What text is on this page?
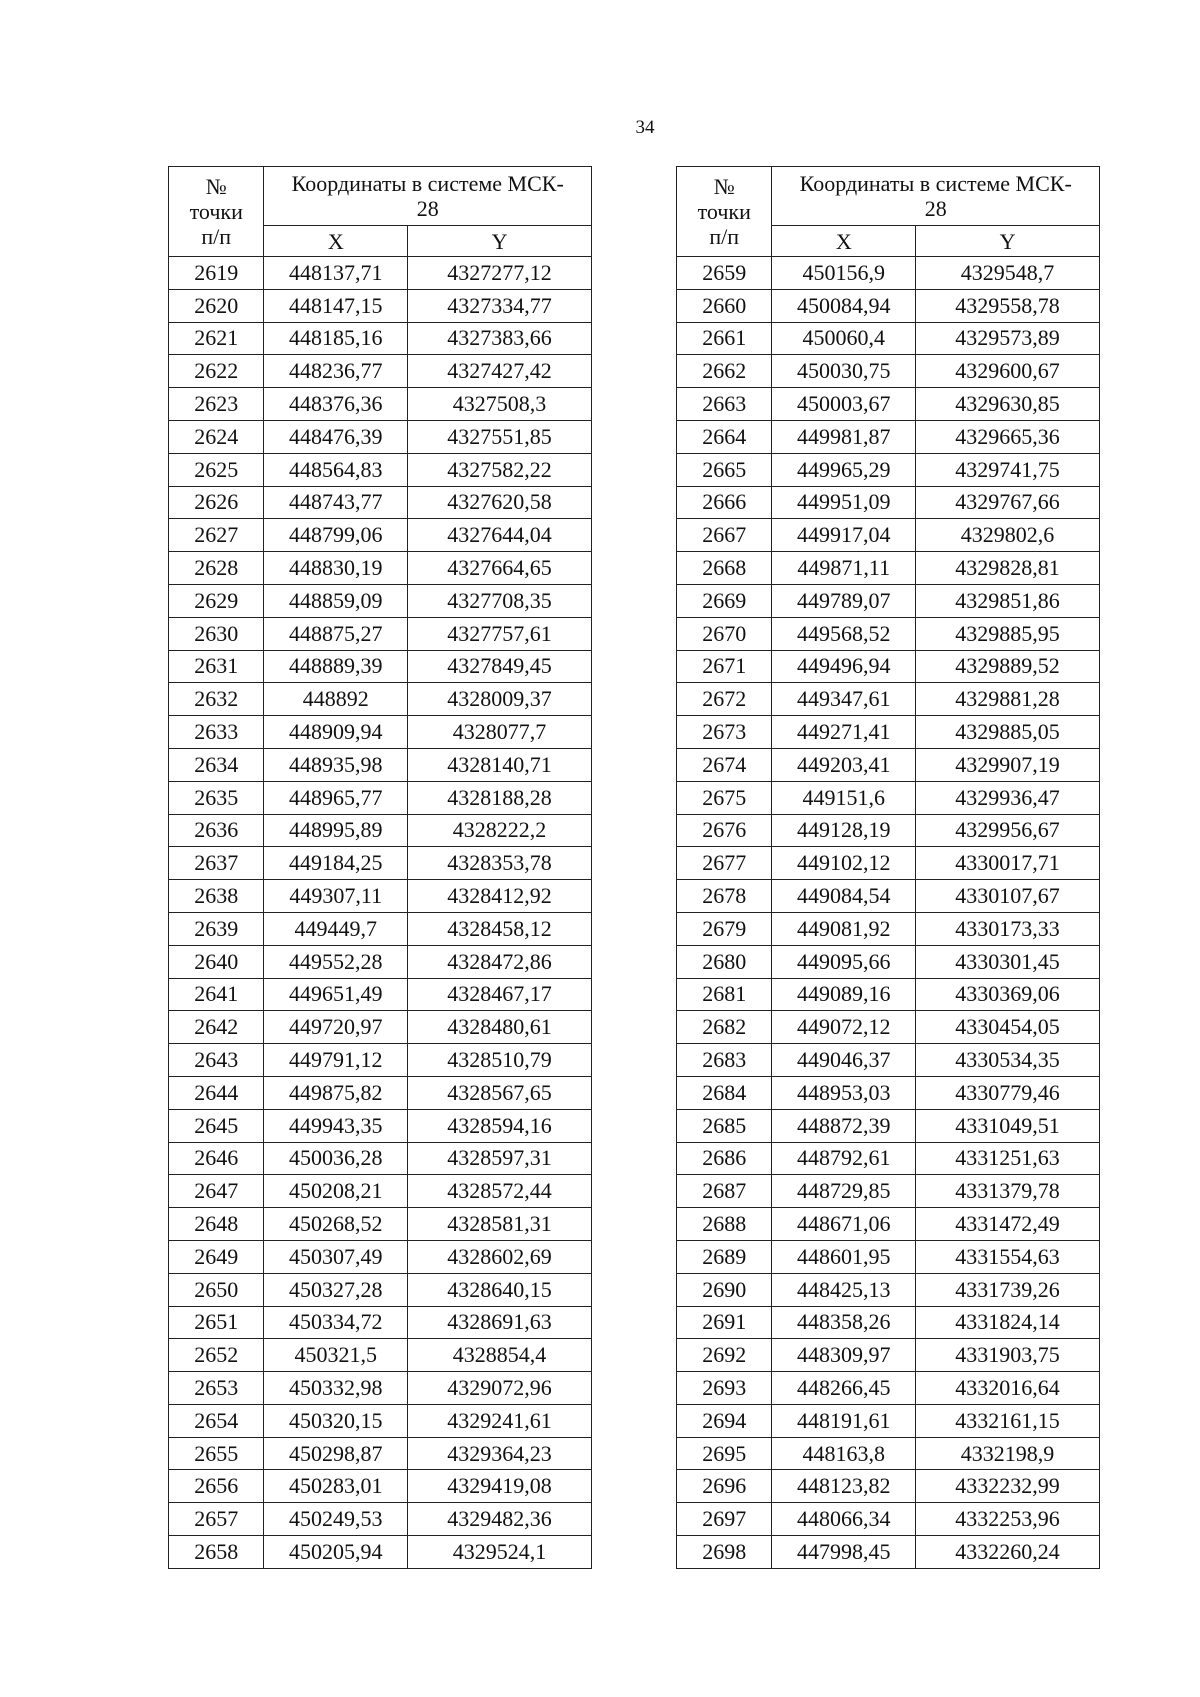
34
№
точки
п/п	Координаты в системе МСК-
28	

	X	Y
2619	448137,71	4327277,12
2620	448147,15	4327334,77
2621	448185,16	4327383,66
2622	448236,77	4327427,42
2623	448376,36	4327508,3
2624	448476,39	4327551,85
2625	448564,83	4327582,22
2626	448743,77	4327620,58
2627	448799,06	4327644,04
2628	448830,19	4327664,65
2629	448859,09	4327708,35
2630	448875,27	4327757,61
2631	448889,39	4327849,45
2632	448892	4328009,37
2633	448909,94	4328077,7
2634	448935,98	4328140,71
2635	448965,77	4328188,28
2636	448995,89	4328222,2
2637	449184,25	4328353,78
2638	449307,11	4328412,92
2639	449449,7	4328458,12
2640	449552,28	4328472,86
2641	449651,49	4328467,17
2642	449720,97	4328480,61
2643	449791,12	4328510,79
2644	449875,82	4328567,65
2645	449943,35	4328594,16
2646	450036,28	4328597,31
2647	450208,21	4328572,44
2648	450268,52	4328581,31
2649	450307,49	4328602,69
2650	450327,28	4328640,15
2651	450334,72	4328691,63
2652	450321,5	4328854,4
2653	450332,98	4329072,96
2654	450320,15	4329241,61
2655	450298,87	4329364,23
2656	450283,01	4329419,08
2657	450249,53	4329482,36
2658	450205,94	4329524,1
№
точки
п/п	Координаты в системе МСК-
28	

	X	Y
2659	450156,9	4329548,7
2660	450084,94	4329558,78
2661	450060,4	4329573,89
2662	450030,75	4329600,67
2663	450003,67	4329630,85
2664	449981,87	4329665,36
2665	449965,29	4329741,75
2666	449951,09	4329767,66
2667	449917,04	4329802,6
2668	449871,11	4329828,81
2669	449789,07	4329851,86
2670	449568,52	4329885,95
2671	449496,94	4329889,52
2672	449347,61	4329881,28
2673	449271,41	4329885,05
2674	449203,41	4329907,19
2675	449151,6	4329936,47
2676	449128,19	4329956,67
2677	449102,12	4330017,71
2678	449084,54	4330107,67
2679	449081,92	4330173,33
2680	449095,66	4330301,45
2681	449089,16	4330369,06
2682	449072,12	4330454,05
2683	449046,37	4330534,35
2684	448953,03	4330779,46
2685	448872,39	4331049,51
2686	448792,61	4331251,63
2687	448729,85	4331379,78
2688	448671,06	4331472,49
2689	448601,95	4331554,63
2690	448425,13	4331739,26
2691	448358,26	4331824,14
2692	448309,97	4331903,75
2693	448266,45	4332016,64
2694	448191,61	4332161,15
2695	448163,8	4332198,9
2696	448123,82	4332232,99
2697	448066,34	4332253,96
2698	447998,45	4332260,24
